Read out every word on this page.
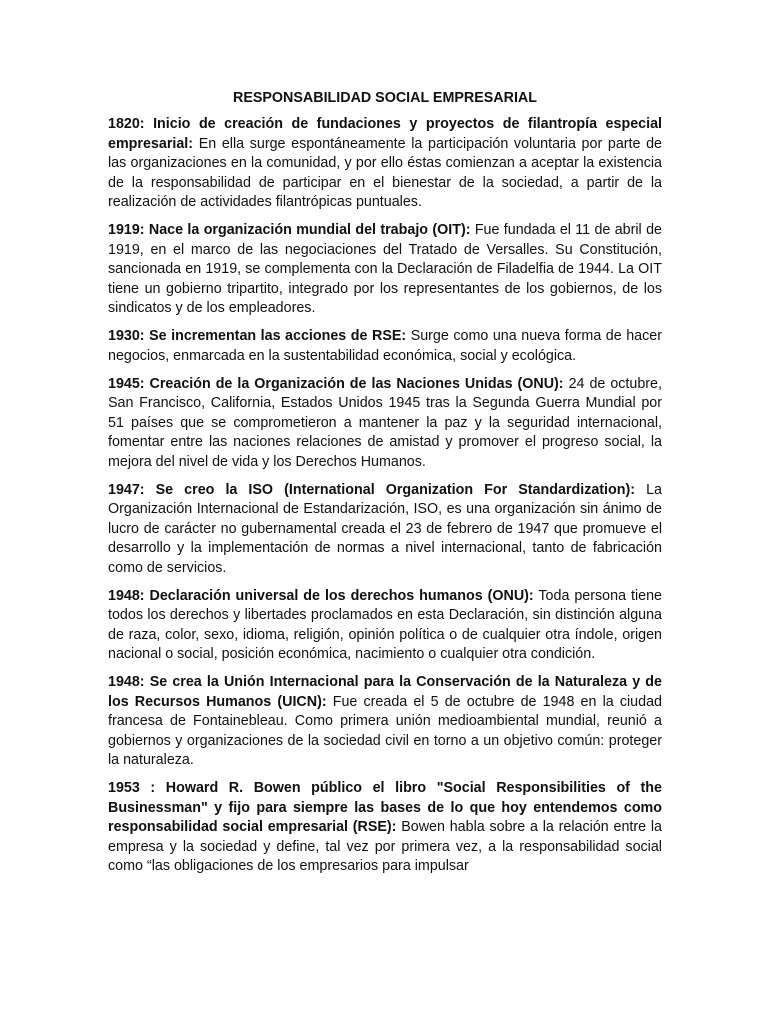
RESPONSABILIDAD SOCIAL EMPRESARIAL

1820: Inicio de creación de fundaciones y proyectos de filantropía especial empresarial: En ella surge espontáneamente la participación voluntaria por parte de las organizaciones en la comunidad, y por ello éstas comienzan a aceptar la existencia de la responsabilidad de participar en el bienestar de la sociedad, a partir de la realización de actividades filantrópicas puntuales.

1919: Nace la organización mundial del trabajo (OIT): Fue fundada el 11 de abril de 1919, en el marco de las negociaciones del Tratado de Versalles. Su Constitución, sancionada en 1919, se complementa con la Declaración de Filadelfia de 1944. La OIT tiene un gobierno tripartito, integrado por los representantes de los gobiernos, de los sindicatos y de los empleadores.

1930: Se incrementan las acciones de RSE: Surge como una nueva forma de hacer negocios, enmarcada en la sustentabilidad económica, social y ecológica.

1945: Creación de la Organización de las Naciones Unidas (ONU): 24 de octubre, San Francisco, California, Estados Unidos 1945 tras la Segunda Guerra Mundial por 51 países que se comprometieron a mantener la paz y la seguridad internacional, fomentar entre las naciones relaciones de amistad y promover el progreso social, la mejora del nivel de vida y los Derechos Humanos.

1947: Se creo la ISO (International Organization For Standardization): La Organización Internacional de Estandarización, ISO, es una organización sin ánimo de lucro de carácter no gubernamental creada el 23 de febrero de 1947 que promueve el desarrollo y la implementación de normas a nivel internacional, tanto de fabricación como de servicios.

1948: Declaración universal de los derechos humanos (ONU): Toda persona tiene todos los derechos y libertades proclamados en esta Declaración, sin distinción alguna de raza, color, sexo, idioma, religión, opinión política o de cualquier otra índole, origen nacional o social, posición económica, nacimiento o cualquier otra condición.

1948: Se crea la Unión Internacional para la Conservación de la Naturaleza y de los Recursos Humanos (UICN): Fue creada el 5 de octubre de 1948 en la ciudad francesa de Fontainebleau. Como primera unión medioambiental mundial, reunió a gobiernos y organizaciones de la sociedad civil en torno a un objetivo común: proteger la naturaleza.

1953 : Howard R. Bowen público el libro "Social Responsibilities of the Businessman" y fijo para siempre las bases de lo que hoy entendemos como responsabilidad social empresarial (RSE): Bowen habla sobre a la relación entre la empresa y la sociedad y define, tal vez por primera vez, a la responsabilidad social como “las obligaciones de los empresarios para impulsar
